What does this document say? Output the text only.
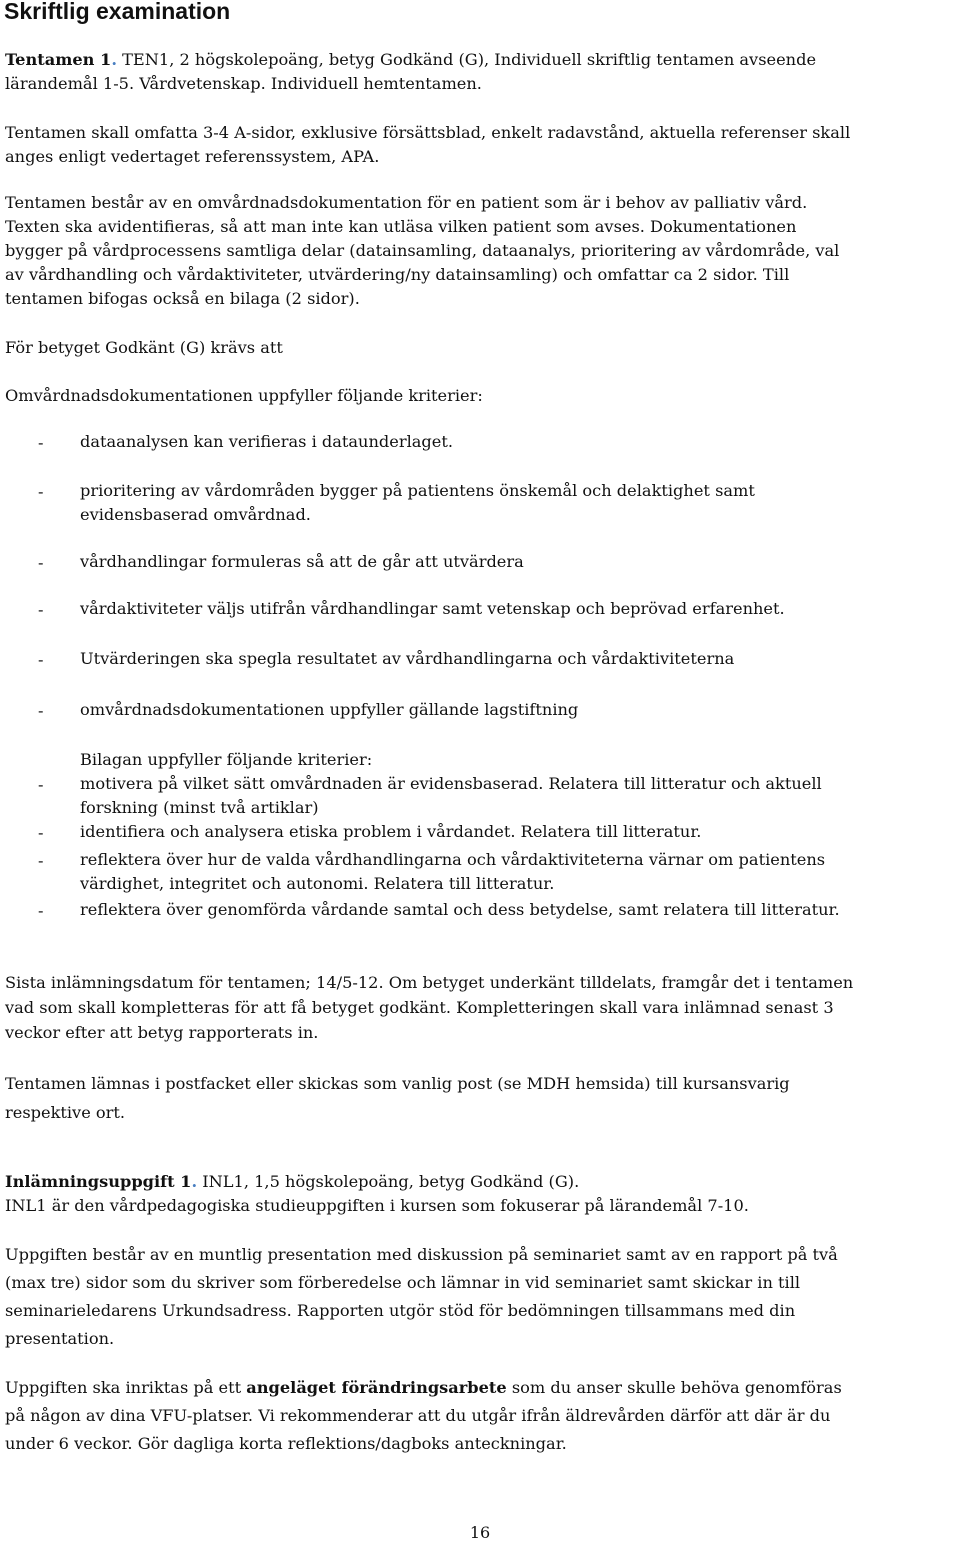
Skriftlig examination
Tentamen 1. TEN1, 2 högskolepoäng, betyg Godkänd (G), Individuell skriftlig tentamen avseende
lärandemål 1-5. Vårdvetenskap. Individuell hemtentamen.
Tentamen skall omfatta 3-4 A-sidor, exklusive försättsblad, enkelt radavstånd, aktuella referenser skall
anges enligt vedertaget referenssystem, APA.
Tentamen består av en omvårdnadsdokumentation för en patient som är i behov av palliativ vård.
Texten ska avidentifieras, så att man inte kan utläsa vilken patient som avses. Dokumentationen
bygger på vårdprocessens samtliga delar (datainsamling, dataanalys, prioritering av vårdområde, val
av vårdhandling och vårdaktiviteter, utvärdering/ny datainsamling) och omfattar ca 2 sidor. Till
tentamen bifogas också en bilaga (2 sidor).
För betyget Godkänt (G) krävs att
Omvårdnadsdokumentationen uppfyller följande kriterier:
- dataanalysen kan verifieras i dataunderlaget.
- prioritering av vårdområden bygger på patientens önskemål och delaktighet samt
evidensbaserad omvårdnad.
- vårdhandlingar formuleras så att de går att utvärdera
- vårdaktiviteter väljs utifrån vårdhandlingar samt vetenskap och beprövad erfarenhet.
- Utvärderingen ska spegla resultatet av vårdhandlingarna och vårdaktiviteterna
- omvårdnadsdokumentationen uppfyller gällande lagstiftning
Bilagan uppfyller följande kriterier:
- motivera på vilket sätt omvårdnaden är evidensbaserad. Relatera till litteratur och aktuell
forskning (minst två artiklar)
- identifiera och analysera etiska problem i vårdandet. Relatera till litteratur.
- reflektera över hur de valda vårdhandlingarna och vårdaktiviteterna värnar om patientens
värdighet, integritet och autonomi. Relatera till litteratur.
- reflektera över genomförda vårdande samtal och dess betydelse, samt relatera till litteratur.
Sista inlämningsdatum för tentamen; 14/5-12. Om betyget underkänt tilldelats, framgår det i tentamen
vad som skall kompletteras för att få betyget godkänt. Kompletteringen skall vara inlämnad senast 3
veckor efter att betyg rapporterats in.
Tentamen lämnas i postfacket eller skickas som vanlig post (se MDH hemsida) till kursansvarig
respektive ort.
Inlämningsuppgift 1. INL1, 1,5 högskolepoäng, betyg Godkänd (G).
INL1 är den vårdpedagogiska studieuppgiften i kursen som fokuserar på lärandemål 7-10.
Uppgiften består av en muntlig presentation med diskussion på seminariet samt av en rapport på två
(max tre) sidor som du skriver som förberedelse och lämnar in vid seminariet samt skickar in till
seminarieledarens Urkundsadress. Rapporten utgör stöd för bedömningen tillsammans med din
presentation.
Uppgiften ska inriktas på ett angeläget förändringsarbete som du anser skulle behöva genomföras
på någon av dina VFU-platser. Vi rekommenderar att du utgår ifrån äldrevården därför att där är du
under 6 veckor. Gör dagliga korta reflektions/dagboks anteckningar.
16
